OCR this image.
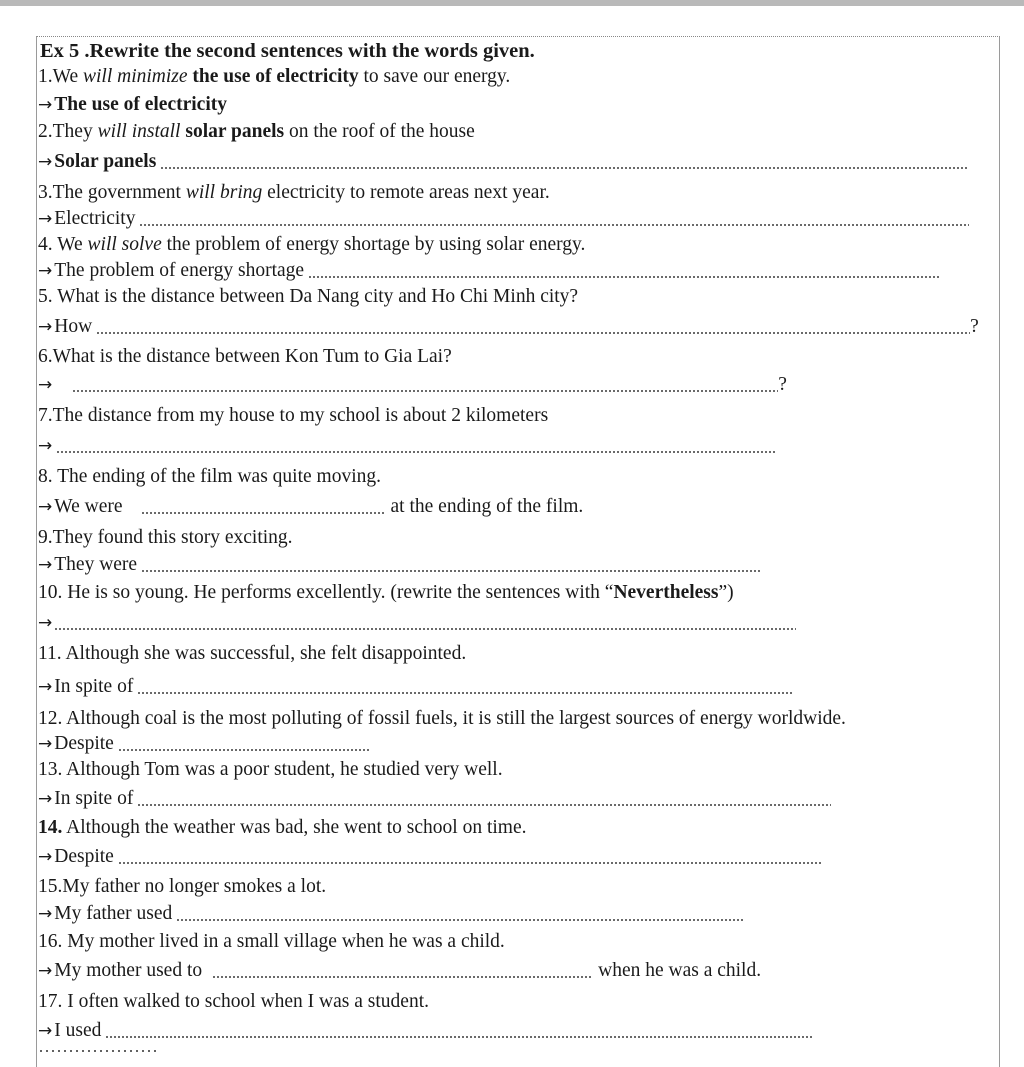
Ex 5 .Rewrite the second sentences with the words given.
1.We will minimize the use of electricity to save our energy.
→ The use of electricity
2.They will install solar panels on the roof of the house
→ Solar panels
3.The government will bring electricity to remote areas next year.
→ Electricity
4. We will solve the problem of energy shortage by using solar energy.
→ The problem of energy shortage
5. What is the distance between Da Nang city and Ho Chi Minh city?
→ How	?
6.What is the distance between Kon Tum to Gia Lai?
→	?
7.The distance from my house to my school is about 2 kilometers
→
8. The ending of the film was quite moving.
→ We were	at the ending of the film.
9.They found this story exciting.
→ They were
10. He is so young. He performs excellently. (rewrite the sentences with “Nevertheless”)
→
11. Although she was successful, she felt disappointed.
→ In spite of
12. Although coal is the most polluting of fossil fuels, it is still the largest sources of energy worldwide.
→ Despite
13. Although Tom was a poor student, he studied very well.
→ In spite of
14. Although the weather was bad, she went to school on time.
→ Despite
15.My father no longer smokes a lot.
→ My father used
16. My mother lived in a small village when he was a child.
→ My mother used to	when he was a child.
17. I often walked to school when I was a student.
→ I used
